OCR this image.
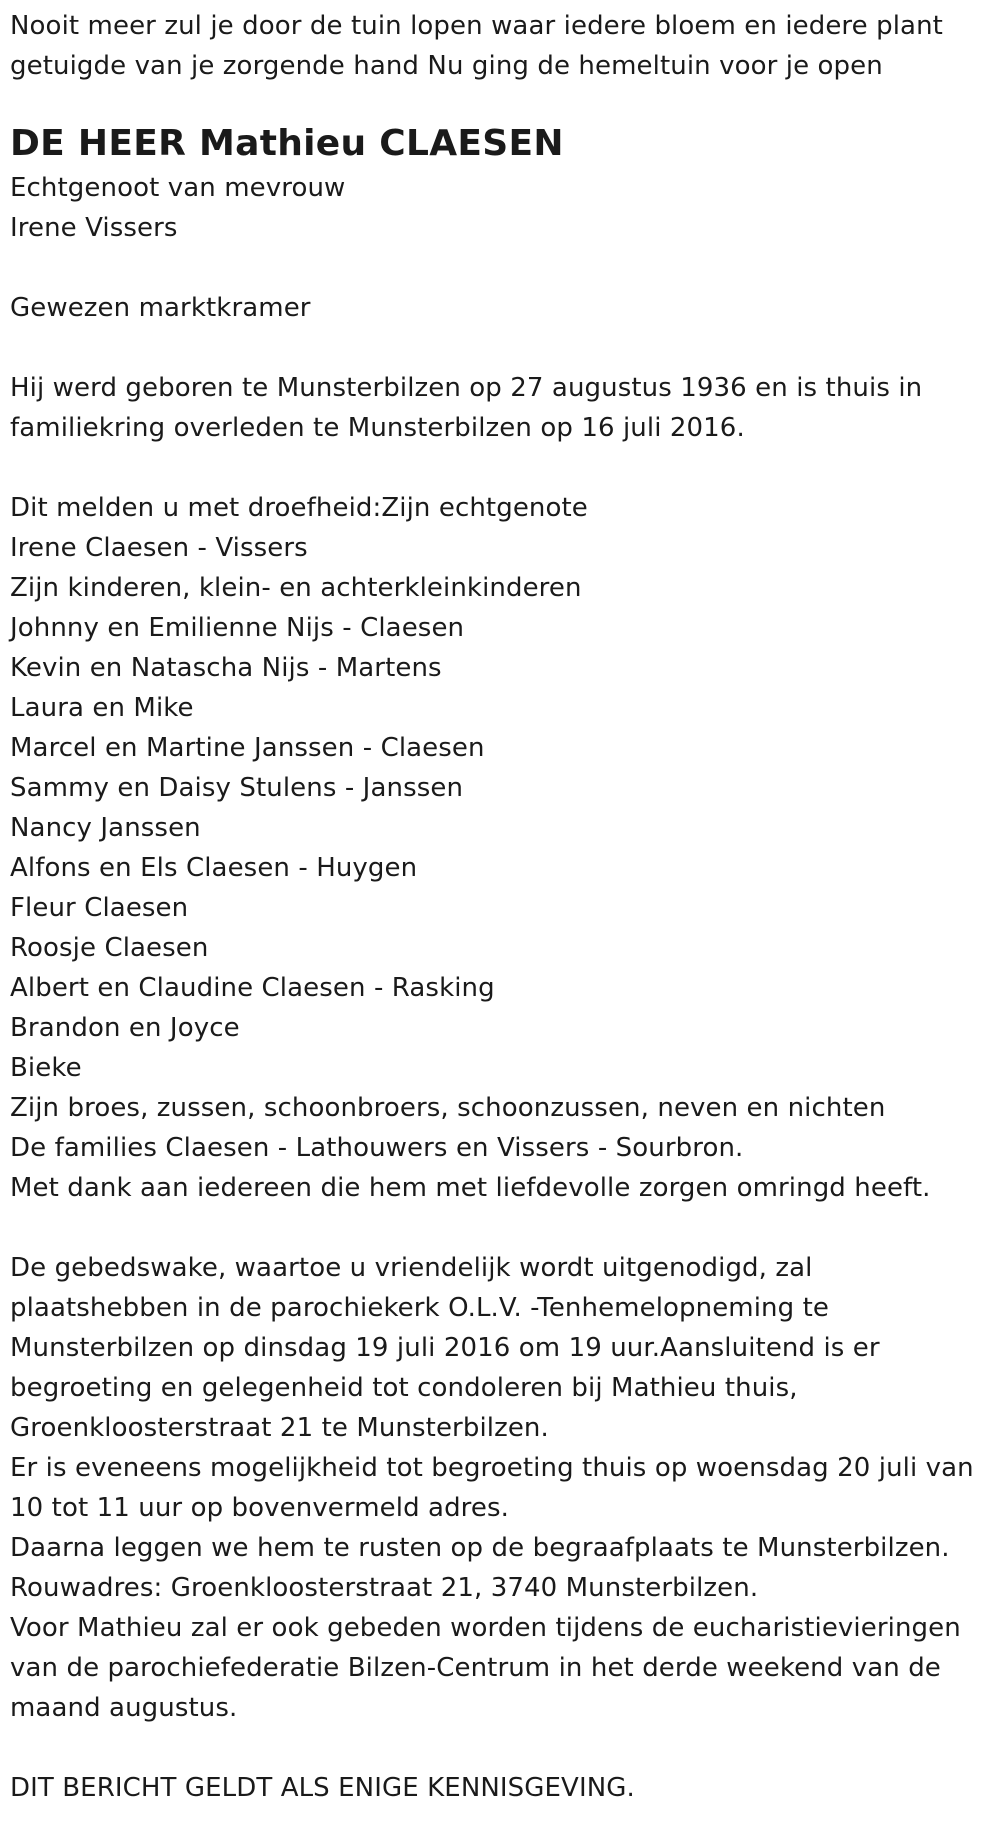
Nooit meer zul je door de tuin lopen waar iedere bloem en iedere plant
getuigde van je zorgende hand Nu ging de hemeltuin voor je open
DE HEER Mathieu CLAESEN
Echtgenoot van mevrouw
Irene Vissers
Gewezen marktkramer
Hij werd geboren te Munsterbilzen op 27 augustus 1936 en is thuis in
familiekring overleden te Munsterbilzen op 16 juli 2016.
Dit melden u met droefheid:Zijn echtgenote
Irene Claesen - Vissers
Zijn kinderen, klein- en achterkleinkinderen
Johnny en Emilienne Nijs - Claesen
Kevin en Natascha Nijs - Martens
Laura en Mike
Marcel en Martine Janssen - Claesen
Sammy en Daisy Stulens - Janssen
Nancy Janssen
Alfons en Els Claesen - Huygen
Fleur Claesen
Roosje Claesen
Albert en Claudine Claesen - Rasking
Brandon en Joyce
Bieke
Zijn broes, zussen, schoonbroers, schoonzussen, neven en nichten
De families Claesen - Lathouwers en Vissers - Sourbron.
Met dank aan iedereen die hem met liefdevolle zorgen omringd heeft.
De gebedswake, waartoe u vriendelijk wordt uitgenodigd, zal
plaatshebben in de parochiekerk O.L.V. -Tenhemelopneming te
Munsterbilzen op dinsdag 19 juli 2016 om 19 uur.Aansluitend is er
begroeting en gelegenheid tot condoleren bij Mathieu thuis,
Groenkloosterstraat 21 te Munsterbilzen.
Er is eveneens mogelijkheid tot begroeting thuis op woensdag 20 juli van
10 tot 11 uur op bovenvermeld adres.
Daarna leggen we hem te rusten op de begraafplaats te Munsterbilzen.
Rouwadres: Groenkloosterstraat 21, 3740 Munsterbilzen.
Voor Mathieu zal er ook gebeden worden tijdens de eucharistievieringen
van de parochiefederatie Bilzen-Centrum in het derde weekend van de
maand augustus.
DIT BERICHT GELDT ALS ENIGE KENNISGEVING.
